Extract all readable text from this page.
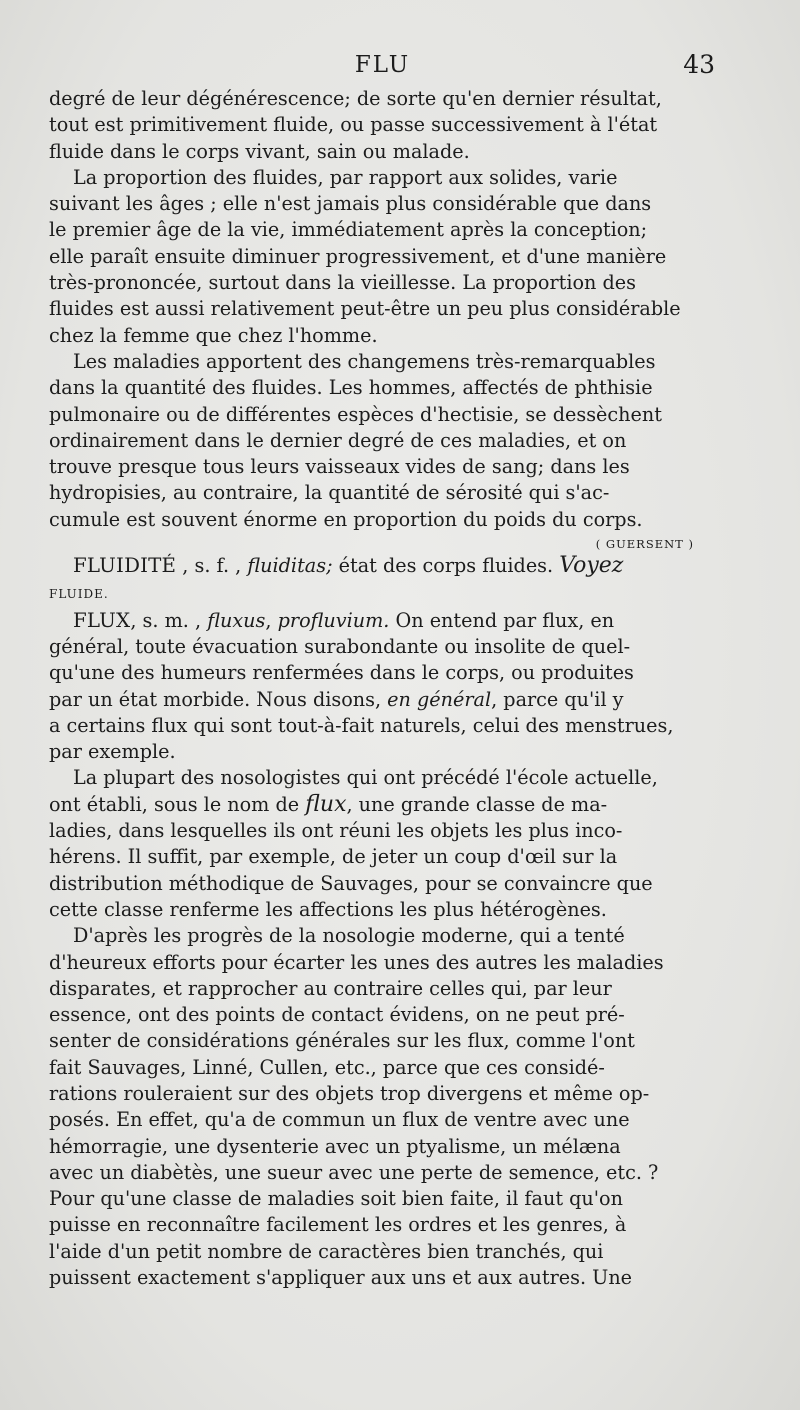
FLU	43

degré de leur dégénérescence; de sorte qu'en dernier résultat,

tout est primitivement fluide, ou passe successivement à l'état

fluide dans le corps vivant, sain ou malade.

La proportion des fluides, par rapport aux solides, varie

suivant les âges ; elle n'est jamais plus considérable que dans

le premier âge de la vie, immédiatement après la conception;

elle paraît ensuite diminuer progressivement, et d'une manière

très-prononcée, surtout dans la vieillesse. La proportion des

fluides est aussi relativement peut-être un peu plus considérable

chez la femme que chez l'homme.

Les maladies apportent des changemens très-remarquables

dans la quantité des fluides. Les hommes, affectés de phthisie

pulmonaire ou de différentes espèces d'hectisie, se dessèchent

ordinairement dans le dernier degré de ces maladies, et on

trouve presque tous leurs vaisseaux vides de sang; dans les

hydropisies, au contraire, la quantité de sérosité qui s'ac-

cumule est souvent énorme en proportion du poids du corps.

( GUERSENT )

FLUIDITÉ , s. f. , fluiditas; état des corps fluides. Voyez

FLUIDE.

FLUX, s. m. , fluxus, profluvium. On entend par flux, en

général, toute évacuation surabondante ou insolite de quel-

qu'une des humeurs renfermées dans le corps, ou produites

par un état morbide. Nous disons, en général, parce qu'il y

a certains flux qui sont tout-à-fait naturels, celui des menstrues,

par exemple.

La plupart des nosologistes qui ont précédé l'école actuelle,

ont établi, sous le nom de flux, une grande classe de ma-

ladies, dans lesquelles ils ont réuni les objets les plus inco-

hérens. Il suffit, par exemple, de jeter un coup d'œil sur la

distribution méthodique de Sauvages, pour se convaincre que

cette classe renferme les affections les plus hétérogènes.

D'après les progrès de la nosologie moderne, qui a tenté

d'heureux efforts pour écarter les unes des autres les maladies

disparates, et rapprocher au contraire celles qui, par leur

essence, ont des points de contact évidens, on ne peut pré-

senter de considérations générales sur les flux, comme l'ont

fait Sauvages, Linné, Cullen, etc., parce que ces considé-

rations rouleraient sur des objets trop divergens et même op-

posés. En effet, qu'a de commun un flux de ventre avec une

hémorragie, une dysenterie avec un ptyalisme, un mélæna

avec un diabètès, une sueur avec une perte de semence, etc. ?

Pour qu'une classe de maladies soit bien faite, il faut qu'on

puisse en reconnaître facilement les ordres et les genres, à

l'aide d'un petit nombre de caractères bien tranchés, qui

puissent exactement s'appliquer aux uns et aux autres. Une
